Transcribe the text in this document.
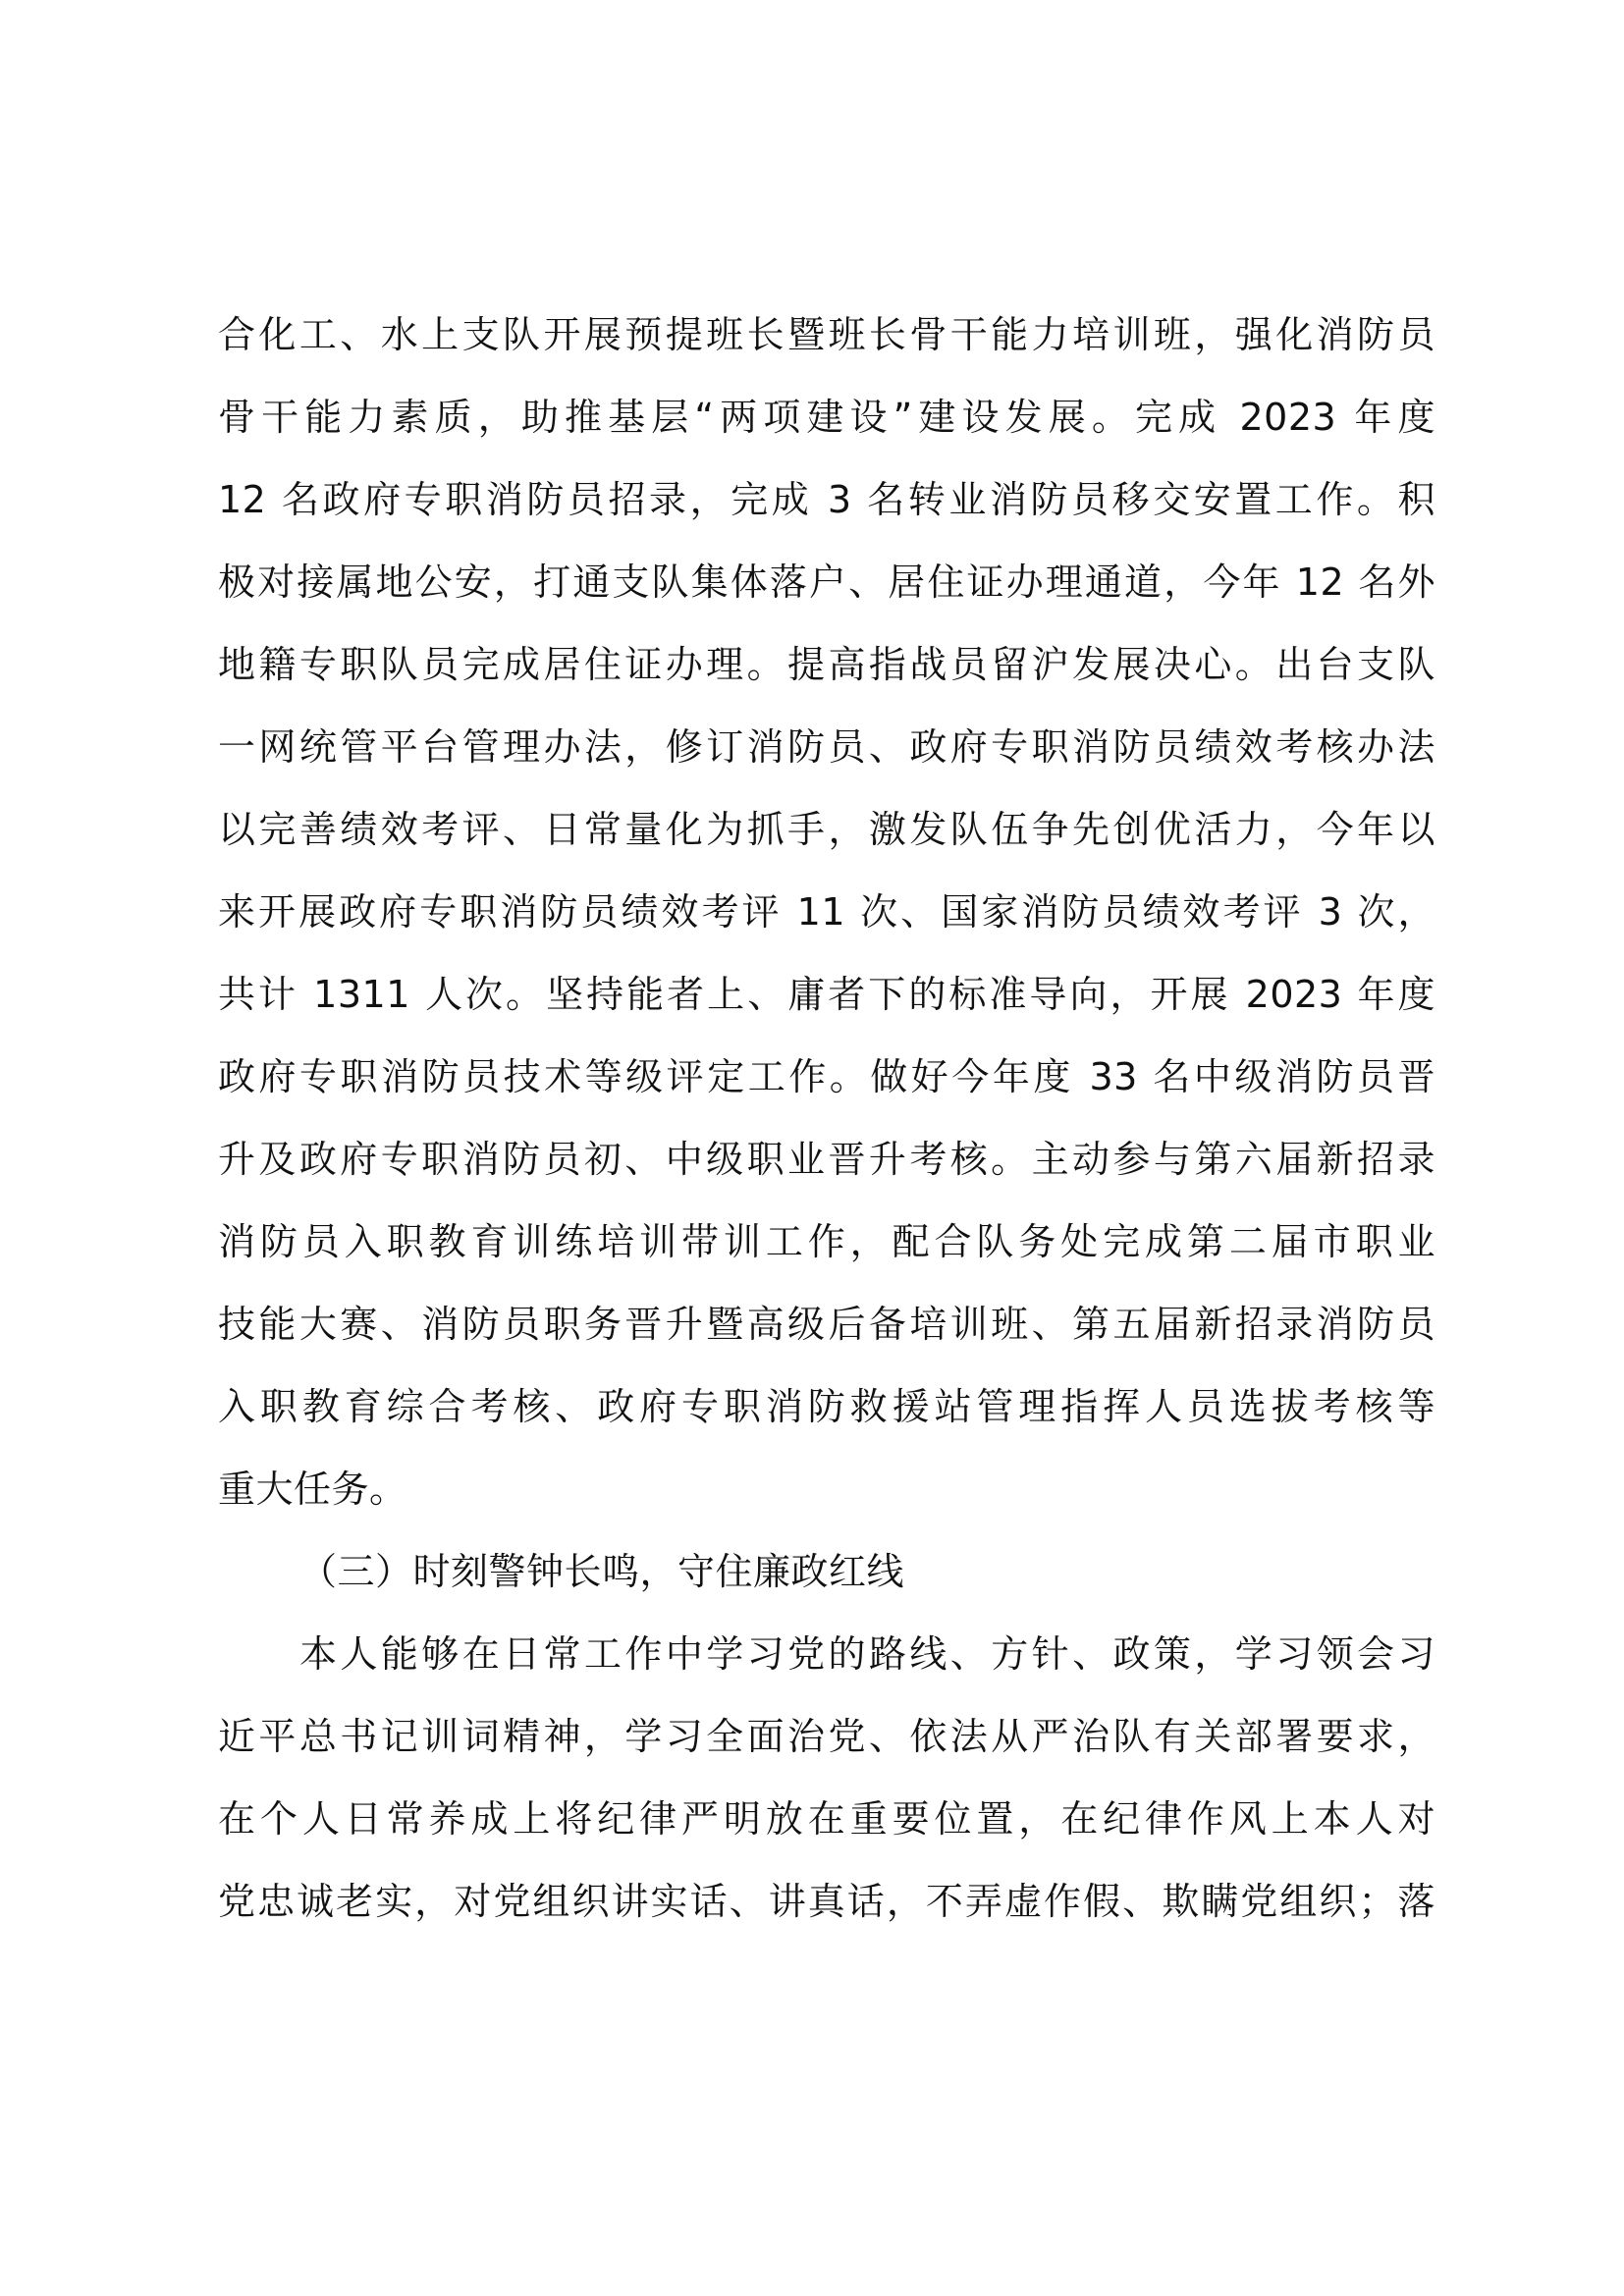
合化工、水上支队开展预提班长暨班长骨干能力培训班，强化消防员
骨干能力素质，助推基层“两项建设”建设发展。完成 2023 年度
12 名政府专职消防员招录，完成 3 名转业消防员移交安置工作。积
极对接属地公安，打通支队集体落户、居住证办理通道，今年 12 名外
地籍专职队员完成居住证办理。提高指战员留沪发展决心。出台支队
一网统管平台管理办法，修订消防员、政府专职消防员绩效考核办法
以完善绩效考评、日常量化为抓手，激发队伍争先创优活力，今年以
来开展政府专职消防员绩效考评 11 次、国家消防员绩效考评 3 次，
共计 1311 人次。坚持能者上、庸者下的标准导向，开展 2023 年度
政府专职消防员技术等级评定工作。做好今年度 33 名中级消防员晋
升及政府专职消防员初、中级职业晋升考核。主动参与第六届新招录
消防员入职教育训练培训带训工作，配合队务处完成第二届市职业
技能大赛、消防员职务晋升暨高级后备培训班、第五届新招录消防员
入职教育综合考核、政府专职消防救援站管理指挥人员选拔考核等
重大任务。
（三）时刻警钟长鸣，守住廉政红线
本人能够在日常工作中学习党的路线、方针、政策，学习领会习
近平总书记训词精神，学习全面治党、依法从严治队有关部署要求，
在个人日常养成上将纪律严明放在重要位置，在纪律作风上本人对
党忠诚老实，对党组织讲实话、讲真话，不弄虚作假、欺瞒党组织；落
